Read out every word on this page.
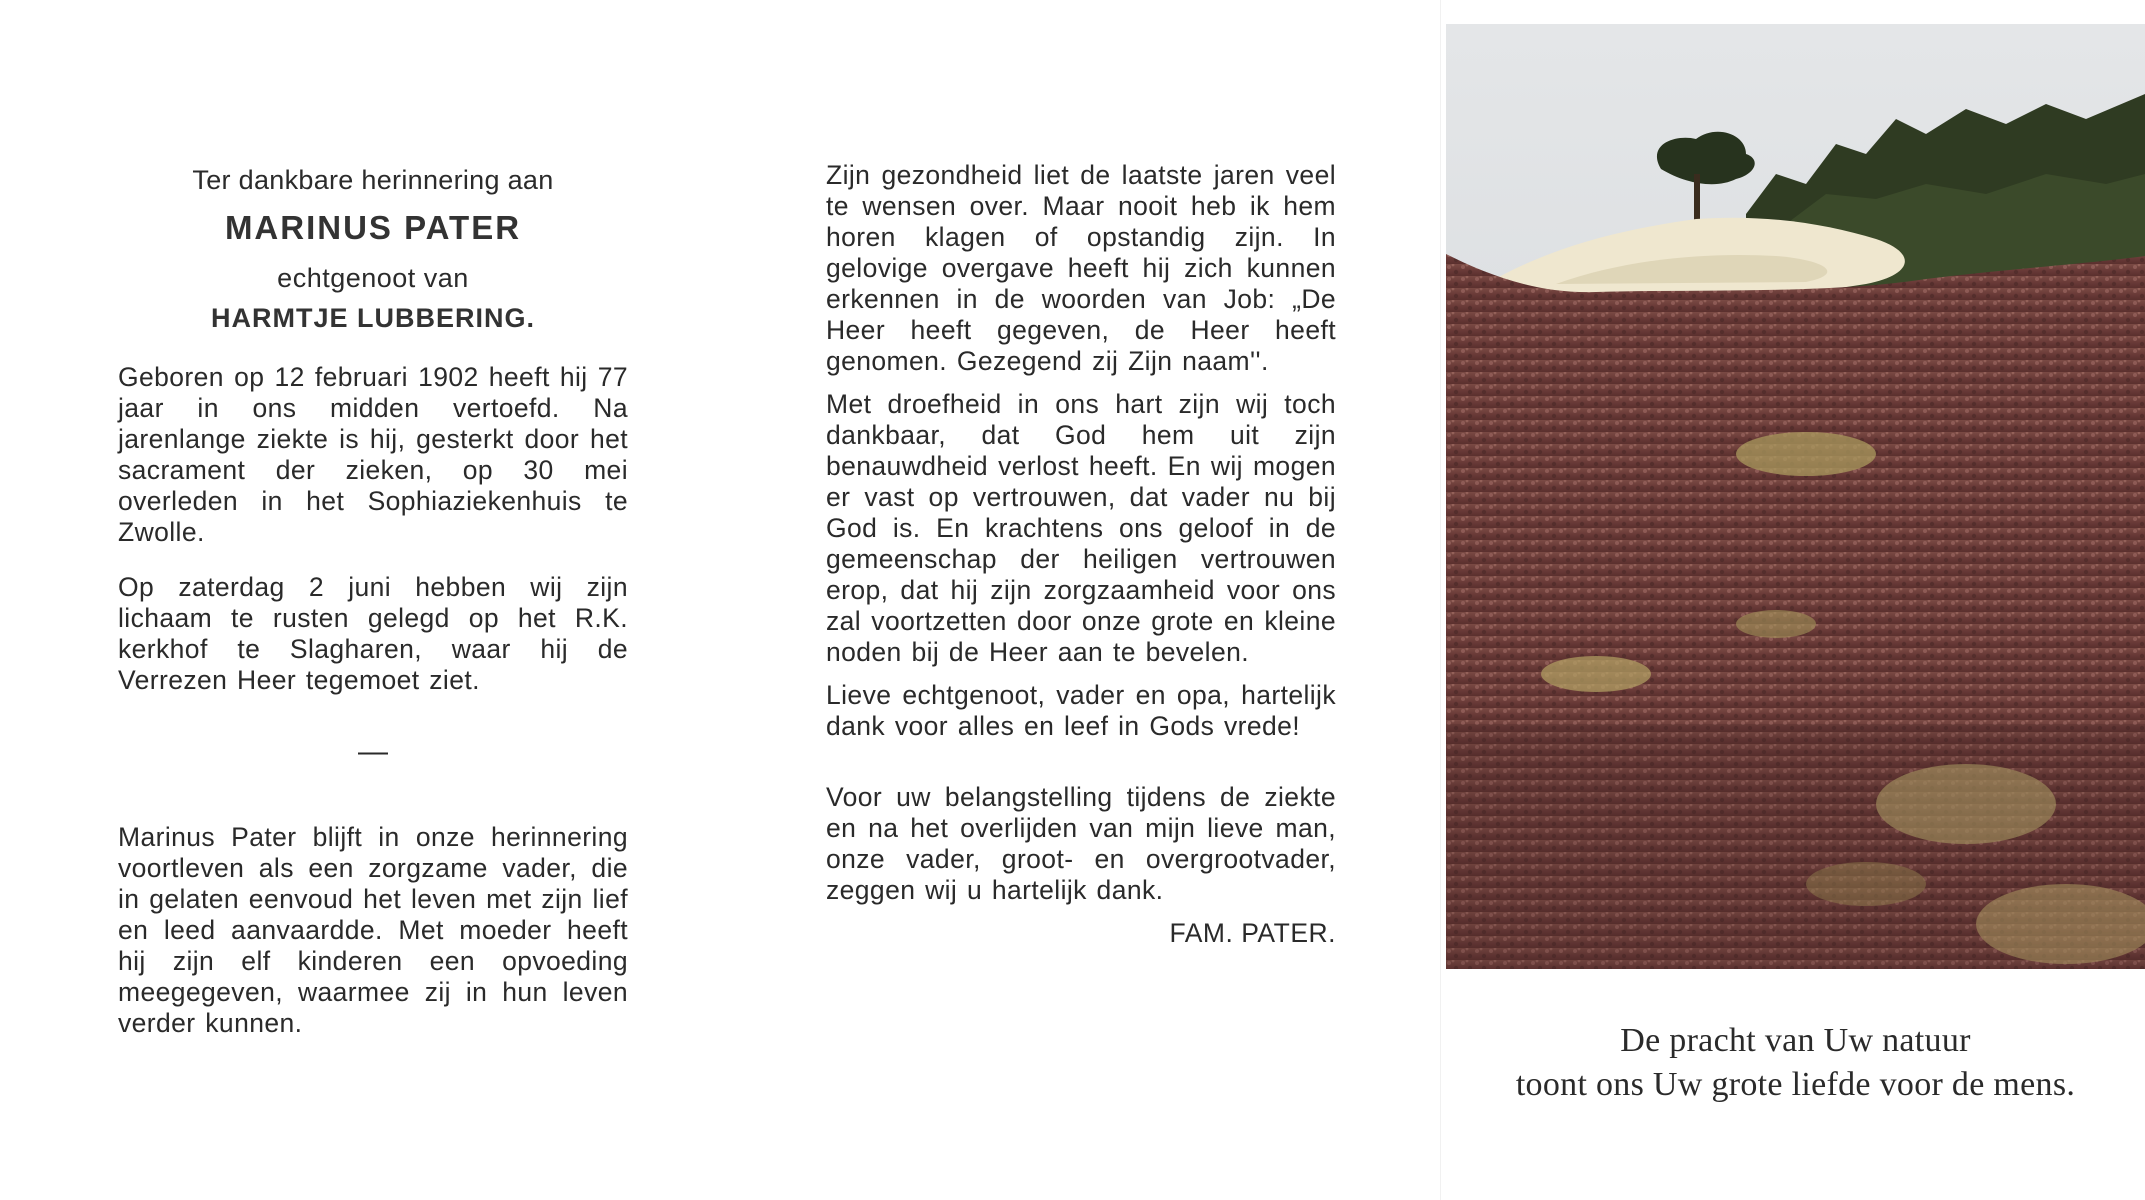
Ter dankbare herinnering aan
MARINUS PATER
echtgenoot van
HARMTJE LUBBERING.

Geboren op 12 februari 1902 heeft hij 77 jaar in ons midden vertoefd. Na jarenlange ziekte is hij, gesterkt door het sacrament der zieken, op 30 mei overleden in het Sophiaziekenhuis te Zwolle.

Op zaterdag 2 juni hebben wij zijn lichaam te rusten gelegd op het R.K. kerkhof te Slagharen, waar hij de Verrezen Heer tegemoet ziet.

—

Marinus Pater blijft in onze herinnering voortleven als een zorgzame vader, die in gelaten eenvoud het leven met zijn lief en leed aanvaardde. Met moeder heeft hij zijn elf kinderen een opvoeding meegegeven, waarmee zij in hun leven verder kunnen.

Zijn gezondheid liet de laatste jaren veel te wensen over. Maar nooit heb ik hem horen klagen of opstandig zijn. In gelovige overgave heeft hij zich kunnen erkennen in de woorden van Job: „De Heer heeft gegeven, de Heer heeft genomen. Gezegend zij Zijn naam''.

Met droefheid in ons hart zijn wij toch dankbaar, dat God hem uit zijn benauwdheid verlost heeft. En wij mogen er vast op vertrouwen, dat vader nu bij God is. En krachtens ons geloof in de gemeenschap der heiligen vertrouwen erop, dat hij zijn zorgzaamheid voor ons zal voortzetten door onze grote en kleine noden bij de Heer aan te bevelen.

Lieve echtgenoot, vader en opa, hartelijk dank voor alles en leef in Gods vrede!

Voor uw belangstelling tijdens de ziekte en na het overlijden van mijn lieve man, onze vader, groot- en overgrootvader, zeggen wij u hartelijk dank.

FAM. PATER.
De pracht van Uw natuur
toont ons Uw grote liefde voor de mens.
